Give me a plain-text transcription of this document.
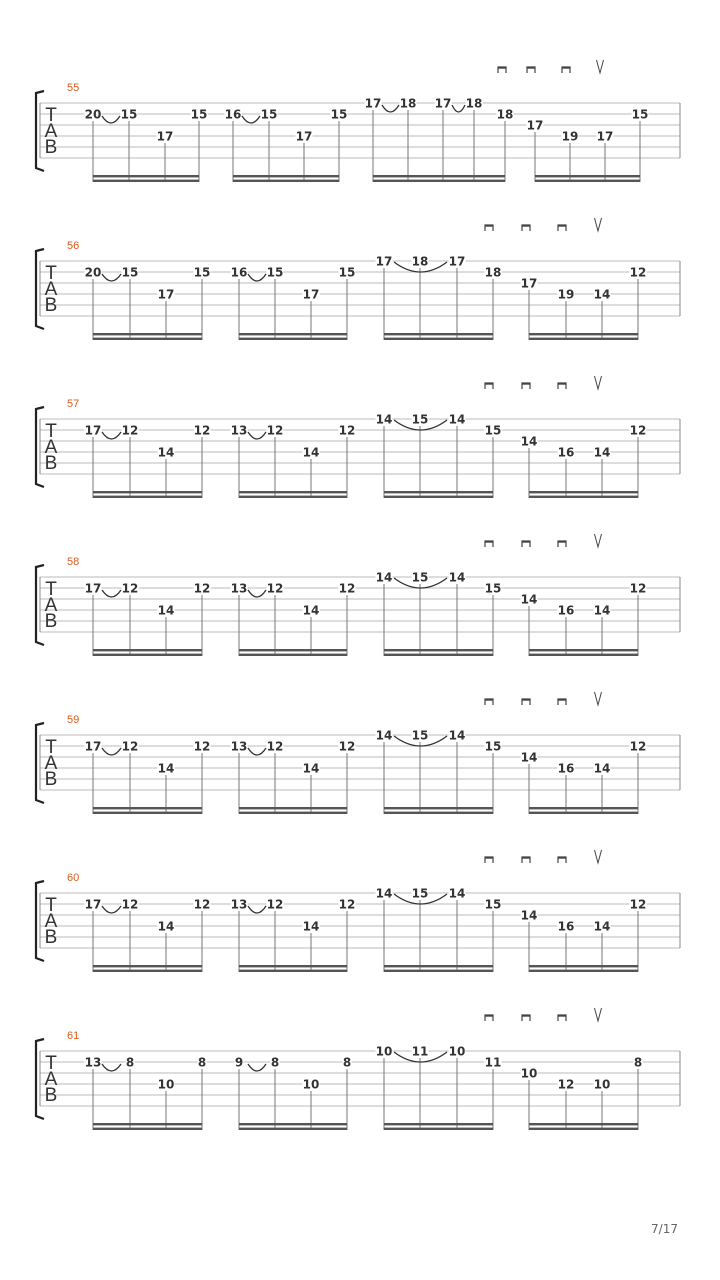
T
A
B
55
20 15
17
15 16 15
17
15
17 18 17 18
18
17
19 17
15
T
A
B
56
20 15
17
15 16 15
17
15
17 18 17
18
17
19 14
12
T
A
B
57
17 12
14
12 13 12
14
12
14 15 14
15
14
16 14
12
T
A
B
58
17 12
14
12 13 12
14
12
14 15 14
15
14
16 14
12
T
A
B
59
17 12
14
12 13 12
14
12
14 15 14
15
14
16 14
12
T
A
B
60
17 12
14
12 13 12
14
12
14 15 14
15
14
16 14
12
T
A
B
61
13 8
10
8 9 8
10
8
10 11 10
11
10
12 10
8
7/17
